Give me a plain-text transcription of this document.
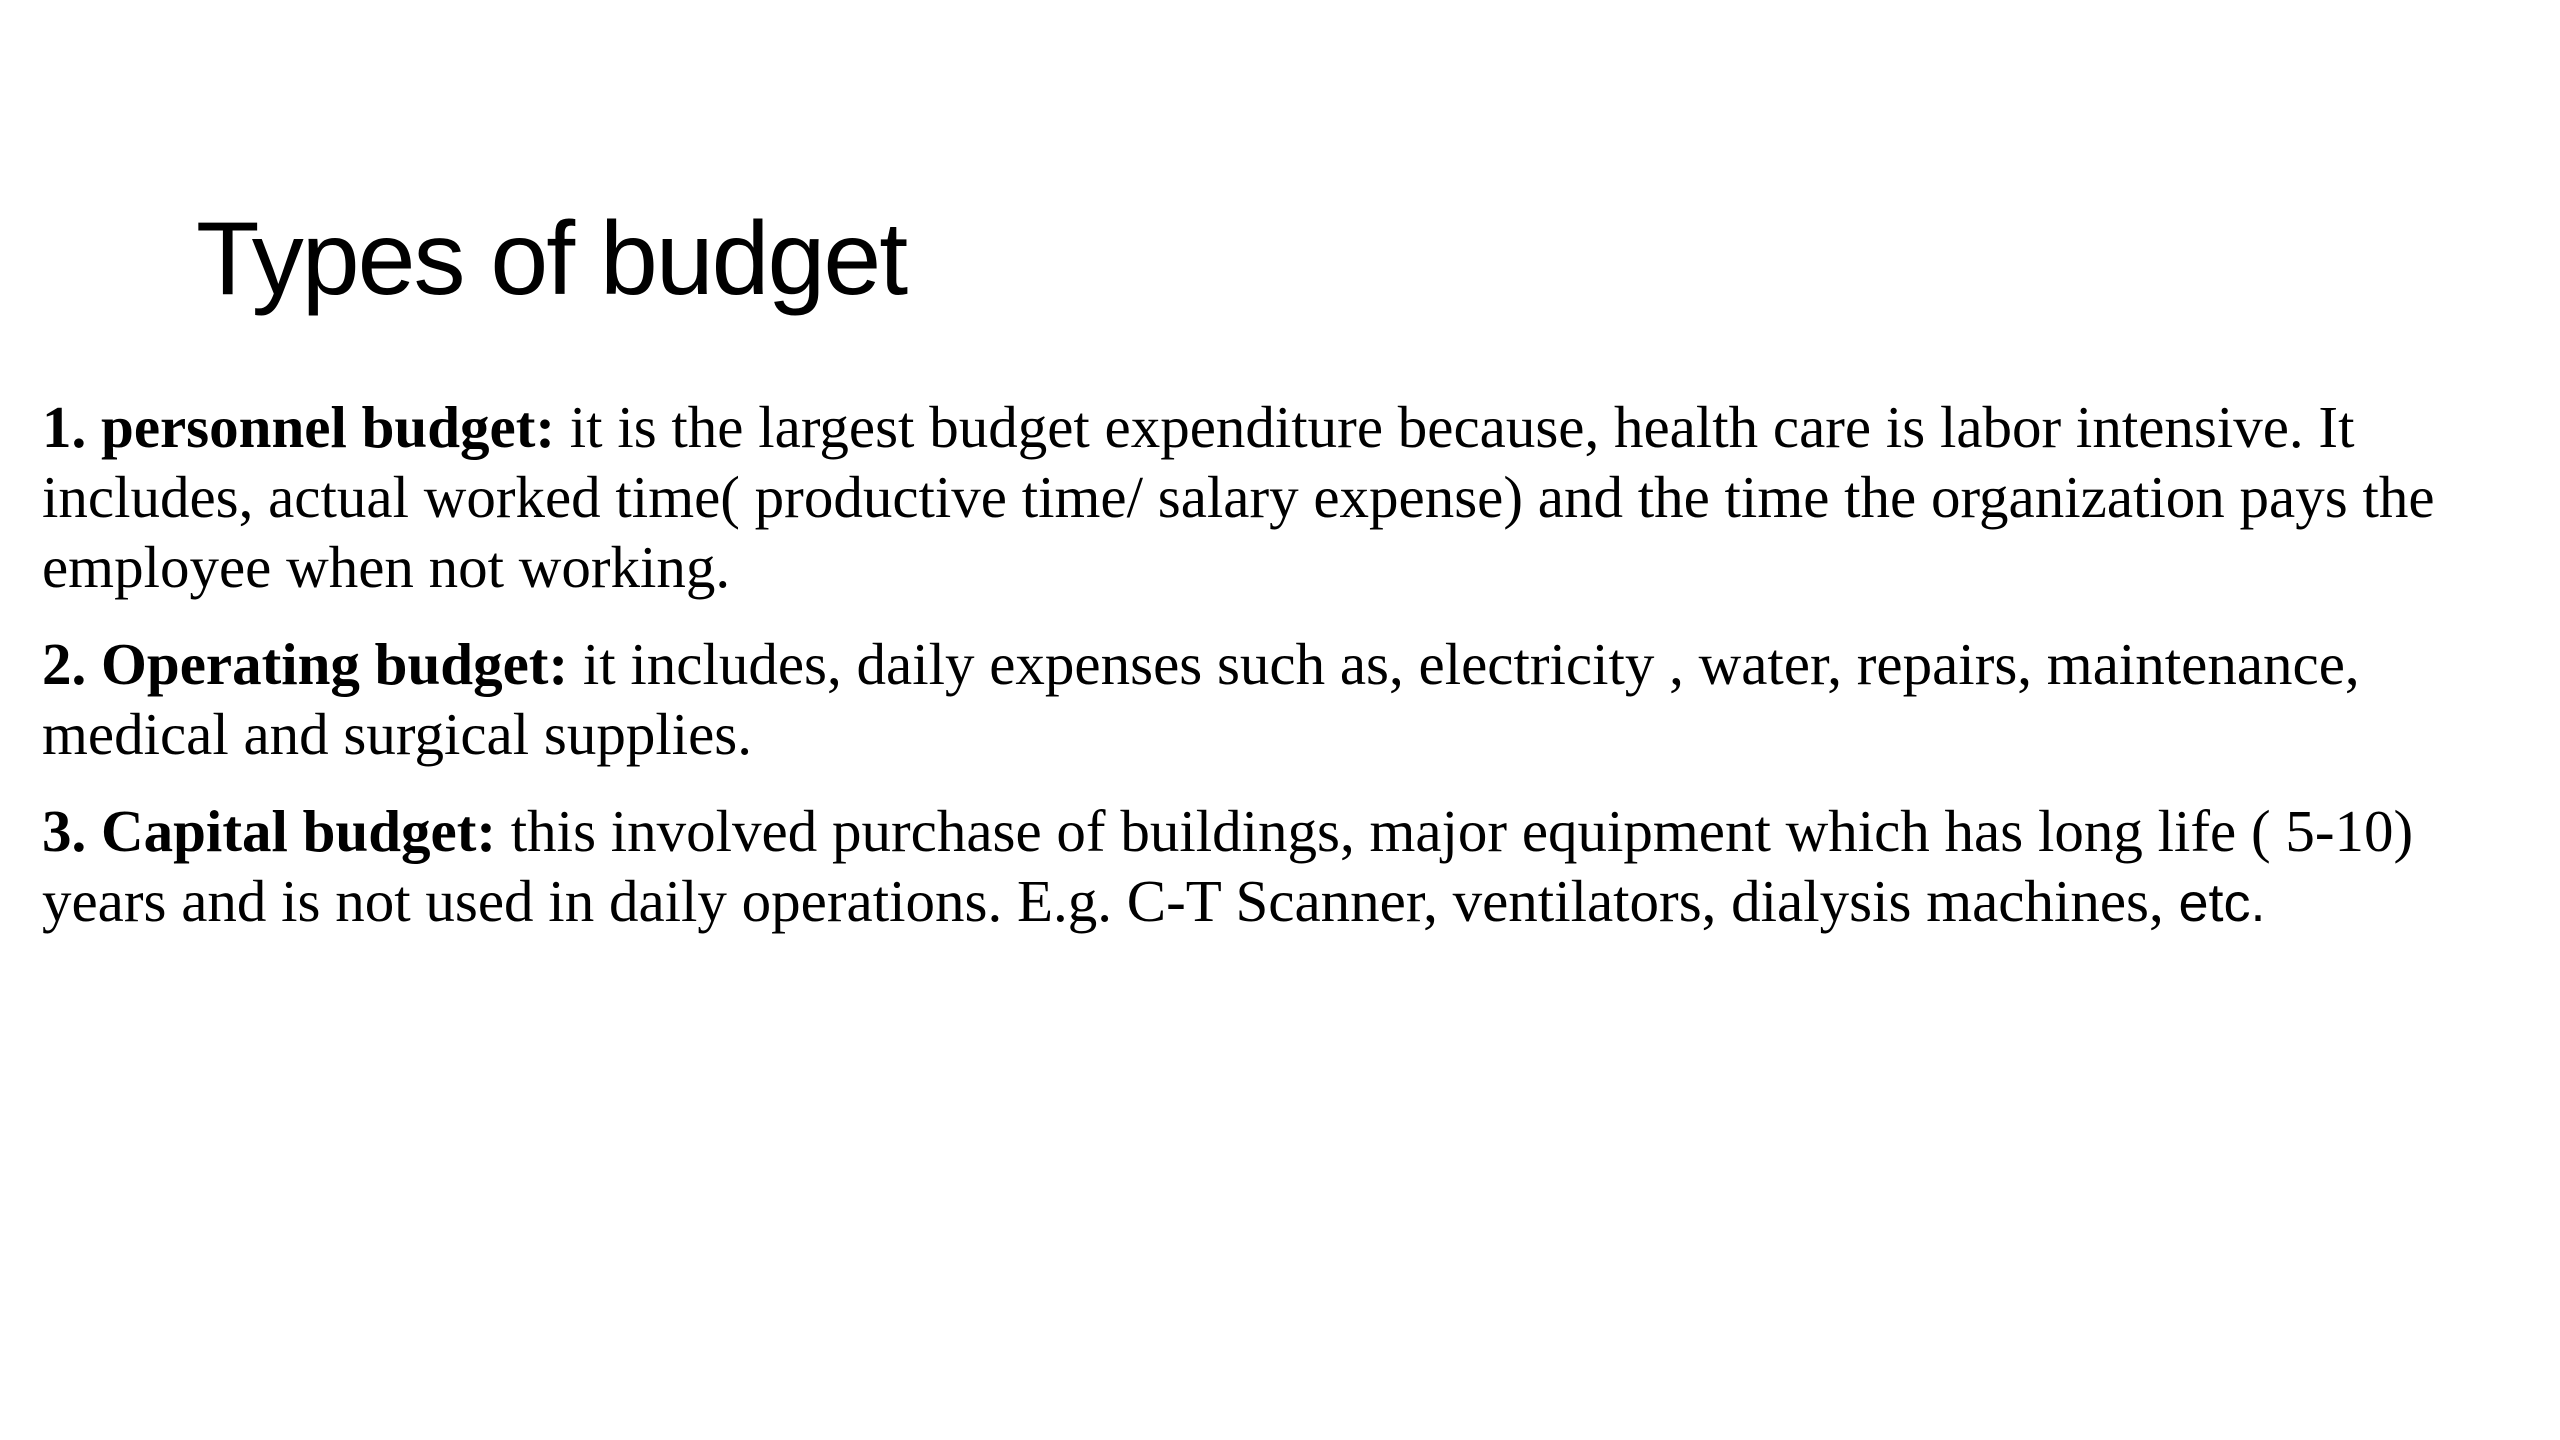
Types of budget

1. personnel budget: it is the largest budget expenditure because, health care is labor intensive. It includes, actual worked time( productive time/ salary expense) and the time the organization pays the employee when not working.

2. Operating budget: it includes, daily expenses such as, electricity , water, repairs, maintenance, medical and surgical supplies.

3. Capital budget: this involved purchase of buildings, major equipment which has long life ( 5-10) years and is not used in daily operations. E.g. C-T Scanner, ventilators, dialysis machines, etc.
